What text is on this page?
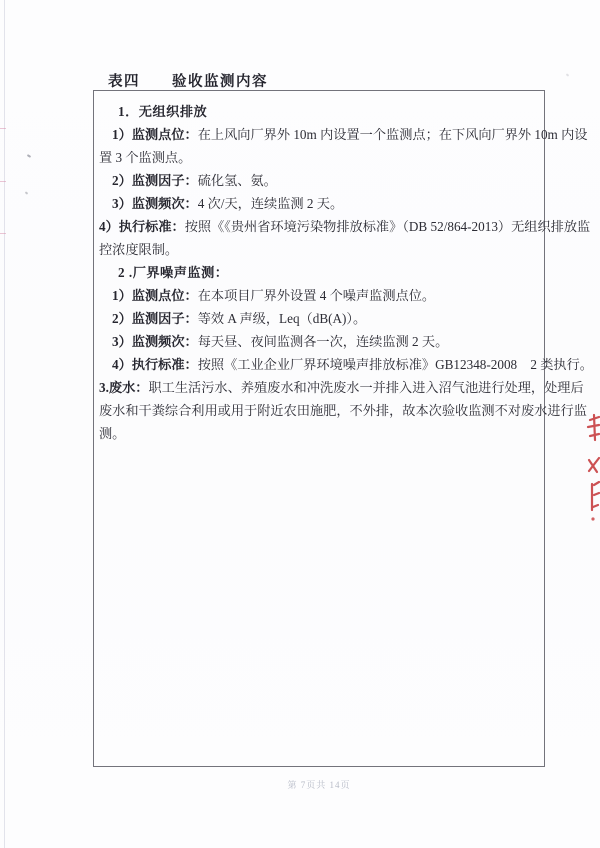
表四　　验收监测内容
1．无组织排放
1）监测点位：在上风向厂界外 10m 内设置一个监测点；在下风向厂界外 10m 内设
置 3 个监测点。
2）监测因子：硫化氢、氨。
3）监测频次：4 次/天，连续监测 2 天。
4）执行标准：按照《《贵州省环境污染物排放标准》（DB 52/864-2013）无组织排放监
控浓度限制。
2 .厂界噪声监测：
1）监测点位：在本项目厂界外设置 4 个噪声监测点位。
2）监测因子：等效 A 声级，Leq（dB(A)）。
3）监测频次：每天昼、夜间监测各一次，连续监测 2 天。
4）执行标准：按照《工业企业厂界环境噪声排放标准》GB12348-2008　2 类执行。
3.废水：职工生活污水、养殖废水和冲洗废水一并排入进入沼气池进行处理，处理后
废水和干粪综合利用或用于附近农田施肥，不外排，故本次验收监测不对废水进行监
测。
第 7页共 14页
